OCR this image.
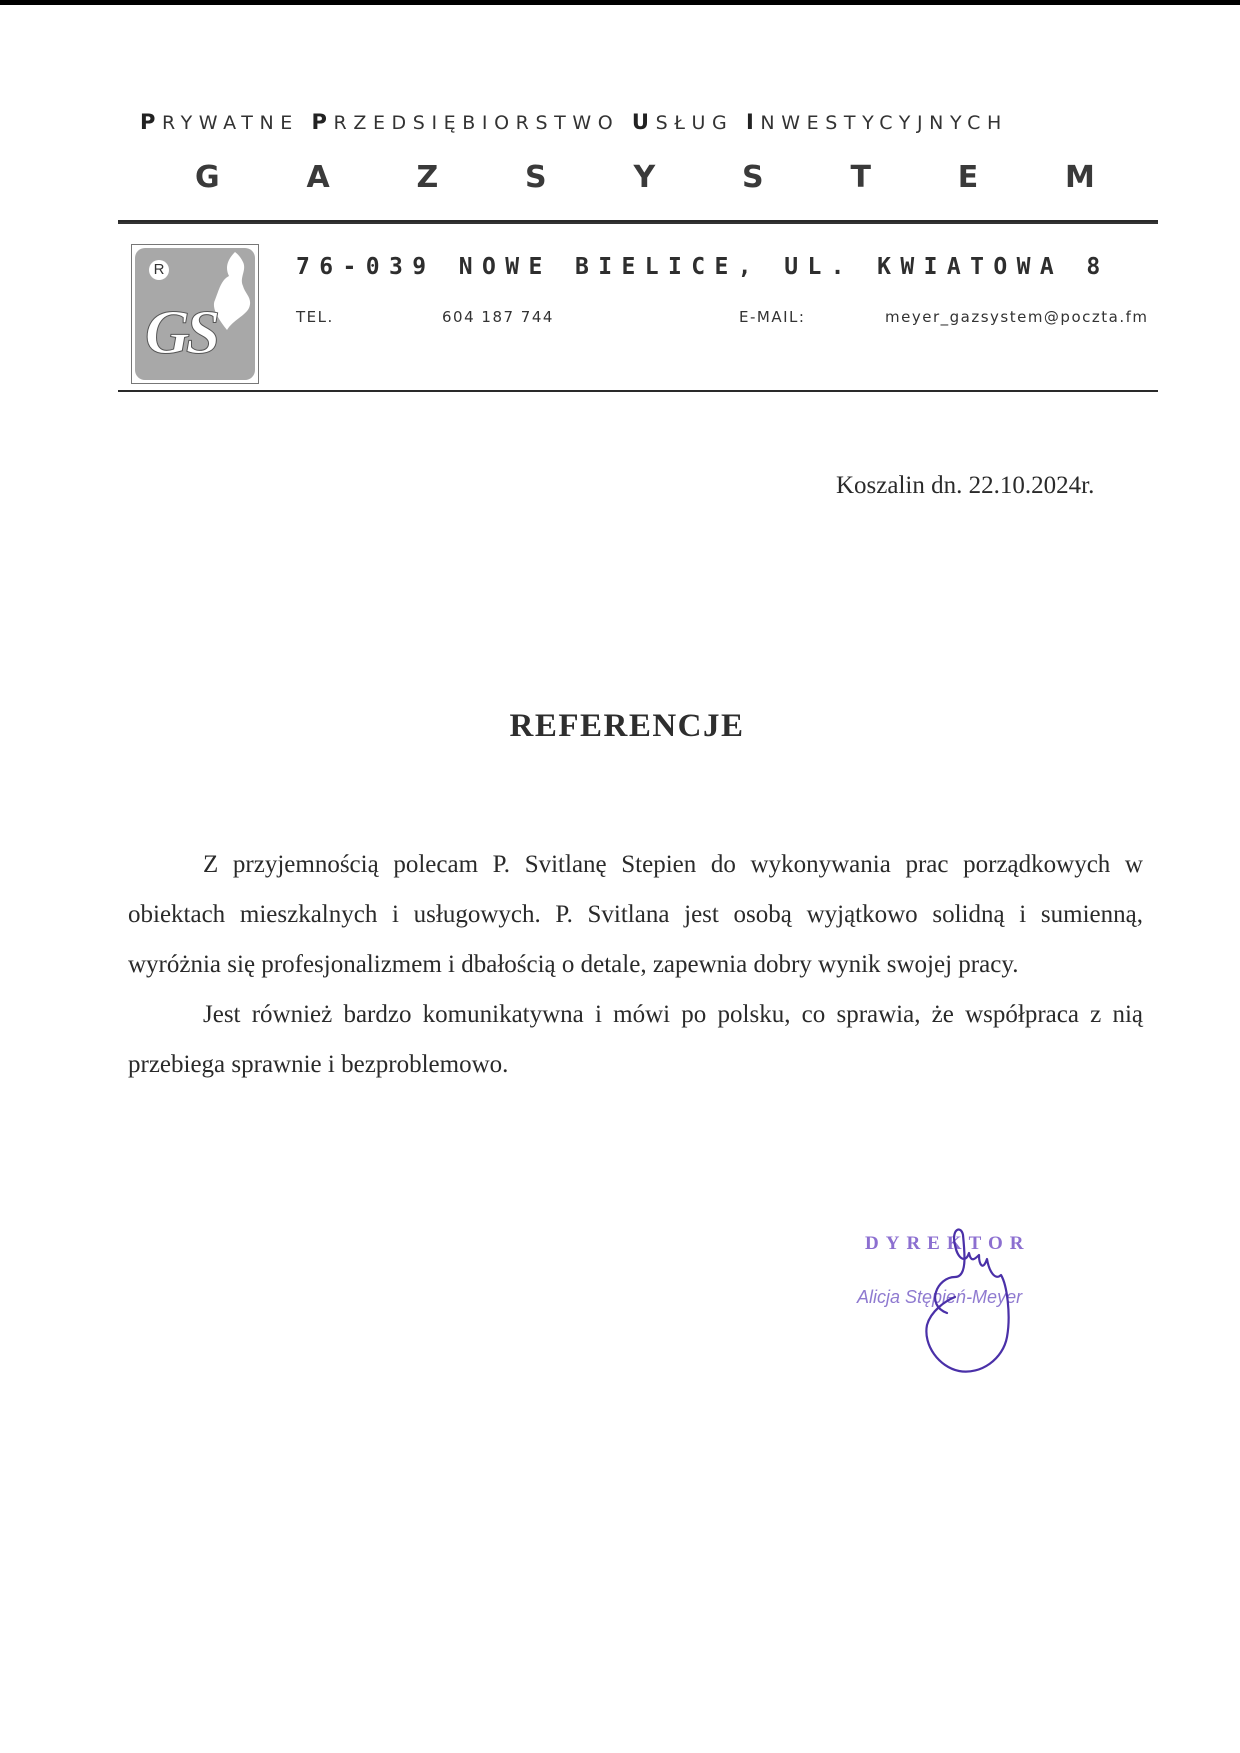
PRYWATNE PRZEDSIĘBIORSTWO USŁUG INWESTYCYJNYCH
G	A	Z	S	Y	S	T	E	M
R
GS
76-039 NOWE BIELICE, UL. KWIATOWA 8
TEL.	604 187 744	E-MAIL:	meyer_gazsystem@poczta.fm
Koszalin dn. 22.10.2024r.
REFERENCJE

Z przyjemnością polecam P. Svitlanę Stepien do wykonywania prac porządkowych w obiektach mieszkalnych i usługowych. P. Svitlana jest osobą wyjątkowo solidną i sumienną, wyróżnia się profesjonalizmem i dbałością o detale, zapewnia dobry wynik swojej pracy.

Jest również bardzo komunikatywna i mówi po polsku, co sprawia, że współpraca z nią przebiega sprawnie i bezproblemowo.

DYREKTOR
Alicja Stępień-Meyer
